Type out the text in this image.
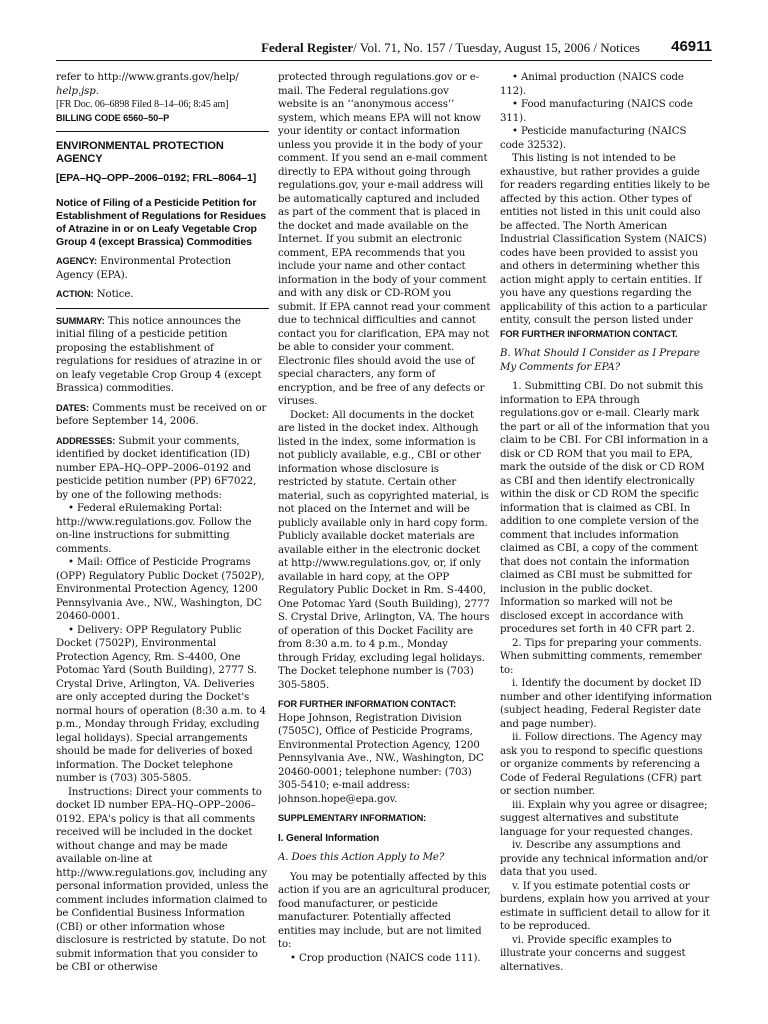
Federal Register/ Vol. 71, No. 157 / Tuesday, August 15, 2006 / Notices 46911

refer to http://www.grants.gov/help/

help.jsp.

[FR Doc. 06–6898 Filed 8–14–06; 8:45 am]

BILLING CODE 6560–50–P

ENVIRONMENTAL PROTECTION AGENCY

[EPA–HQ–OPP–2006–0192; FRL–8064–1]

Notice of Filing of a Pesticide Petition for Establishment of Regulations for Residues of Atrazine in or on Leafy Vegetable Crop Group 4 (except Brassica) Commodities

AGENCY: Environmental Protection Agency (EPA).

ACTION: Notice.

SUMMARY: This notice announces the initial filing of a pesticide petition proposing the establishment of regulations for residues of atrazine in or on leafy vegetable Crop Group 4 (except Brassica) commodities.

DATES: Comments must be received on or before September 14, 2006.

ADDRESSES: Submit your comments, identified by docket identification (ID) number EPA–HQ–OPP–2006–0192 and pesticide petition number (PP) 6F7022, by one of the following methods:

• Federal eRulemaking Portal: http://www.regulations.gov. Follow the on-line instructions for submitting comments.

• Mail: Office of Pesticide Programs (OPP) Regulatory Public Docket (7502P), Environmental Protection Agency, 1200 Pennsylvania Ave., NW., Washington, DC 20460-0001.

• Delivery: OPP Regulatory Public Docket (7502P), Environmental Protection Agency, Rm. S-4400, One Potomac Yard (South Building), 2777 S. Crystal Drive, Arlington, VA. Deliveries are only accepted during the Docket's normal hours of operation (8:30 a.m. to 4 p.m., Monday through Friday, excluding legal holidays). Special arrangements should be made for deliveries of boxed information. The Docket telephone number is (703) 305-5805.

Instructions: Direct your comments to docket ID number EPA–HQ–OPP–2006–0192. EPA's policy is that all comments received will be included in the docket without change and may be made available on-line at http://www.regulations.gov, including any personal information provided, unless the comment includes information claimed to be Confidential Business Information (CBI) or other information whose disclosure is restricted by statute. Do not submit information that you consider to be CBI or otherwise

protected through regulations.gov or e-mail. The Federal regulations.gov website is an ‘‘anonymous access’’ system, which means EPA will not know your identity or contact information unless you provide it in the body of your comment. If you send an e-mail comment directly to EPA without going through regulations.gov, your e-mail address will be automatically captured and included as part of the comment that is placed in the docket and made available on the Internet. If you submit an electronic comment, EPA recommends that you include your name and other contact information in the body of your comment and with any disk or CD-ROM you submit. If EPA cannot read your comment due to technical difficulties and cannot contact you for clarification, EPA may not be able to consider your comment. Electronic files should avoid the use of special characters, any form of encryption, and be free of any defects or viruses.

Docket: All documents in the docket are listed in the docket index. Although listed in the index, some information is not publicly available, e.g., CBI or other information whose disclosure is restricted by statute. Certain other material, such as copyrighted material, is not placed on the Internet and will be publicly available only in hard copy form. Publicly available docket materials are available either in the electronic docket at http://www.regulations.gov, or, if only available in hard copy, at the OPP Regulatory Public Docket in Rm. S-4400, One Potomac Yard (South Building), 2777 S. Crystal Drive, Arlington, VA. The hours of operation of this Docket Facility are from 8:30 a.m. to 4 p.m., Monday through Friday, excluding legal holidays. The Docket telephone number is (703) 305-5805.

FOR FURTHER INFORMATION CONTACT:
Hope Johnson, Registration Division (7505C), Office of Pesticide Programs, Environmental Protection Agency, 1200 Pennsylvania Ave., NW., Washington, DC 20460-0001; telephone number: (703) 305-5410; e-mail address: johnson.hope@epa.gov.

SUPPLEMENTARY INFORMATION:

I. General Information

A. Does this Action Apply to Me?

You may be potentially affected by this action if you are an agricultural producer, food manufacturer, or pesticide manufacturer. Potentially affected entities may include, but are not limited to:

• Crop production (NAICS code 111).

• Animal production (NAICS code 112).

• Food manufacturing (NAICS code 311).

• Pesticide manufacturing (NAICS code 32532).

This listing is not intended to be exhaustive, but rather provides a guide for readers regarding entities likely to be affected by this action. Other types of entities not listed in this unit could also be affected. The North American Industrial Classification System (NAICS) codes have been provided to assist you and others in determining whether this action might apply to certain entities. If you have any questions regarding the applicability of this action to a particular entity, consult the person listed under FOR FURTHER INFORMATION CONTACT.

B. What Should I Consider as I Prepare My Comments for EPA?

1. Submitting CBI. Do not submit this information to EPA through regulations.gov or e-mail. Clearly mark the part or all of the information that you claim to be CBI. For CBI information in a disk or CD ROM that you mail to EPA, mark the outside of the disk or CD ROM as CBI and then identify electronically within the disk or CD ROM the specific information that is claimed as CBI. In addition to one complete version of the comment that includes information claimed as CBI, a copy of the comment that does not contain the information claimed as CBI must be submitted for inclusion in the public docket. Information so marked will not be disclosed except in accordance with procedures set forth in 40 CFR part 2.

2. Tips for preparing your comments. When submitting comments, remember to:

i. Identify the document by docket ID number and other identifying information (subject heading, Federal Register date and page number).

ii. Follow directions. The Agency may ask you to respond to specific questions or organize comments by referencing a Code of Federal Regulations (CFR) part or section number.

iii. Explain why you agree or disagree; suggest alternatives and substitute language for your requested changes.

iv. Describe any assumptions and provide any technical information and/or data that you used.

v. If you estimate potential costs or burdens, explain how you arrived at your estimate in sufficient detail to allow for it to be reproduced.

vi. Provide specific examples to illustrate your concerns and suggest alternatives.
